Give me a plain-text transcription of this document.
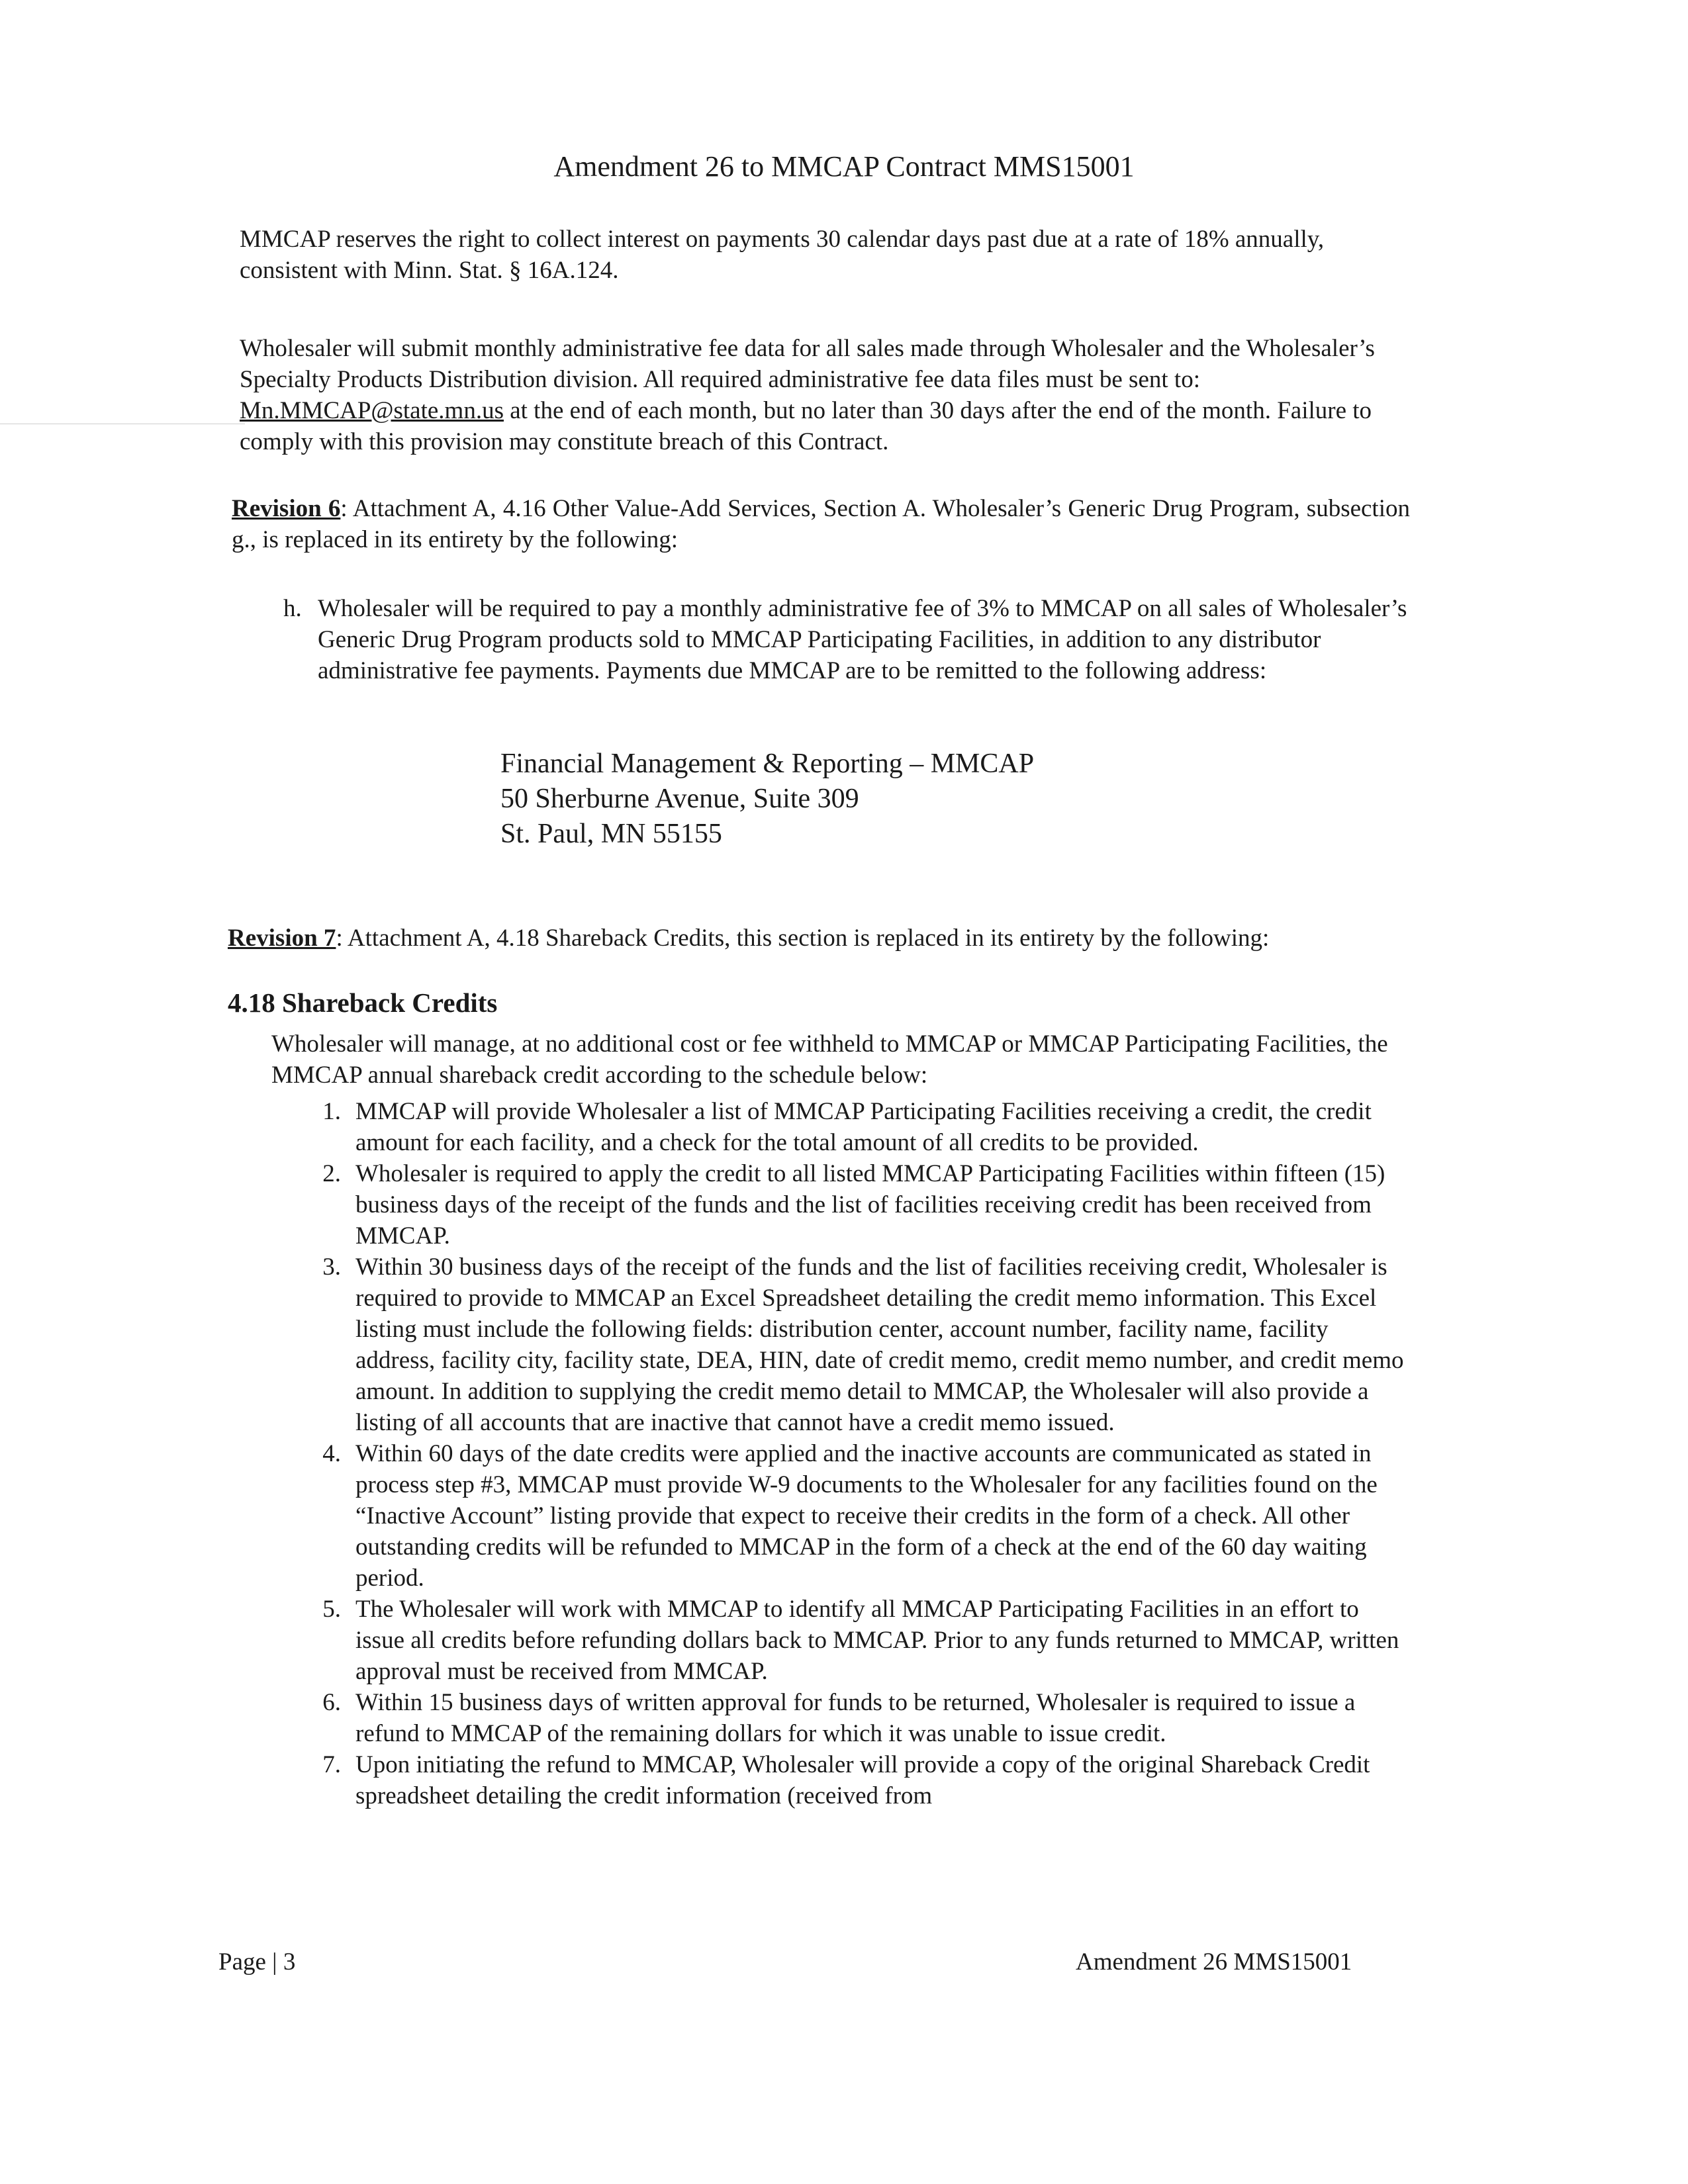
Amendment 26 to MMCAP Contract MMS15001
MMCAP reserves the right to collect interest on payments 30 calendar days past due at a rate of 18% annually, consistent with Minn. Stat. § 16A.124.
Wholesaler will submit monthly administrative fee data for all sales made through Wholesaler and the Wholesaler’s Specialty Products Distribution division. All required administrative fee data files must be sent to: Mn.MMCAP@state.mn.us at the end of each month, but no later than 30 days after the end of the month. Failure to comply with this provision may constitute breach of this Contract.
Revision 6: Attachment A, 4.16 Other Value-Add Services, Section A. Wholesaler’s Generic Drug Program, subsection g., is replaced in its entirety by the following:
h. Wholesaler will be required to pay a monthly administrative fee of 3% to MMCAP on all sales of Wholesaler’s Generic Drug Program products sold to MMCAP Participating Facilities, in addition to any distributor administrative fee payments. Payments due MMCAP are to be remitted to the following address:
Financial Management & Reporting – MMCAP
50 Sherburne Avenue, Suite 309
St. Paul, MN 55155
Revision 7: Attachment A, 4.18 Shareback Credits, this section is replaced in its entirety by the following:
4.18 Shareback Credits
Wholesaler will manage, at no additional cost or fee withheld to MMCAP or MMCAP Participating Facilities, the MMCAP annual shareback credit according to the schedule below:
1. MMCAP will provide Wholesaler a list of MMCAP Participating Facilities receiving a credit, the credit amount for each facility, and a check for the total amount of all credits to be provided.
2. Wholesaler is required to apply the credit to all listed MMCAP Participating Facilities within fifteen (15) business days of the receipt of the funds and the list of facilities receiving credit has been received from MMCAP.
3. Within 30 business days of the receipt of the funds and the list of facilities receiving credit, Wholesaler is required to provide to MMCAP an Excel Spreadsheet detailing the credit memo information. This Excel listing must include the following fields: distribution center, account number, facility name, facility address, facility city, facility state, DEA, HIN, date of credit memo, credit memo number, and credit memo amount. In addition to supplying the credit memo detail to MMCAP, the Wholesaler will also provide a listing of all accounts that are inactive that cannot have a credit memo issued.
4. Within 60 days of the date credits were applied and the inactive accounts are communicated as stated in process step #3, MMCAP must provide W-9 documents to the Wholesaler for any facilities found on the “Inactive Account” listing provide that expect to receive their credits in the form of a check. All other outstanding credits will be refunded to MMCAP in the form of a check at the end of the 60 day waiting period.
5. The Wholesaler will work with MMCAP to identify all MMCAP Participating Facilities in an effort to issue all credits before refunding dollars back to MMCAP. Prior to any funds returned to MMCAP, written approval must be received from MMCAP.
6. Within 15 business days of written approval for funds to be returned, Wholesaler is required to issue a refund to MMCAP of the remaining dollars for which it was unable to issue credit.
7. Upon initiating the refund to MMCAP, Wholesaler will provide a copy of the original Shareback Credit spreadsheet detailing the credit information (received from
Page | 3	Amendment 26 MMS15001
